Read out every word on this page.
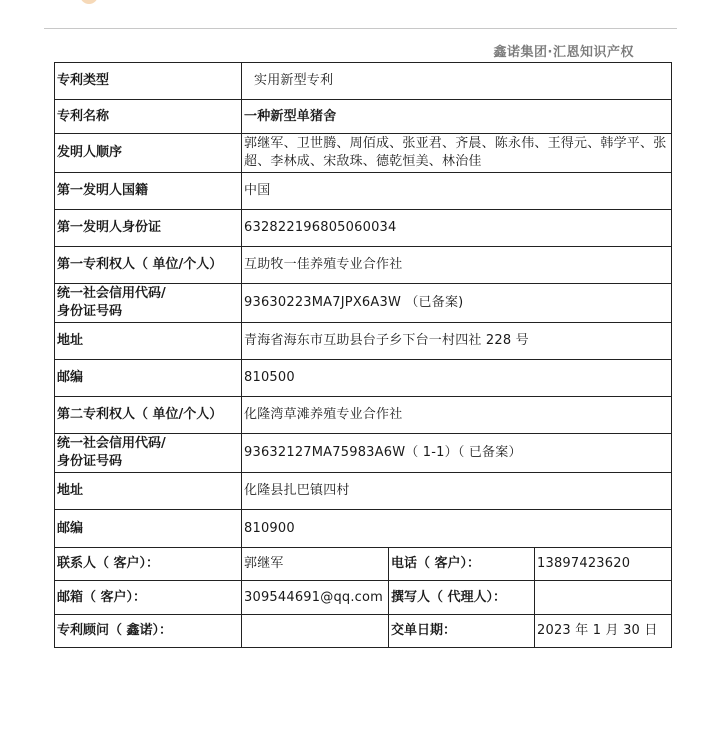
鑫诺集团·汇恩知识产权
专利类型	实用新型专利		
专利名称	一种新型单猪舍		
发明人顺序	郭继军、卫世腾、周佰成、张亚君、齐晨、陈永伟、王得元、韩学平、张超、李林成、宋敌珠、德乾恒美、林治佳		
第一发明人国籍	中国		
第一发明人身份证	632822196805060034		
第一专利权人（ 单位/个人）	互助牧一佳养殖专业合作社		
统一社会信用代码/
身份证号码	93630223MA7JPX6A3W （已备案)		
地址	青海省海东市互助县台子乡下台一村四社 228 号		
邮编	810500		
第二专利权人（ 单位/个人）	化隆湾草滩养殖专业合作社		
统一社会信用代码/
身份证号码	93632127MA75983A6W（ 1-1）（ 已备案）		
地址	化隆县扎巴镇四村		
邮编	810900		
联系人（ 客户）：	郭继军	电话（ 客户）：	13897423620
邮箱（ 客户）：	309544691@qq.com	撰写人（ 代理人）：	
专利顾问（ 鑫诺）：		交单日期：	2023 年 1 月 30 日
